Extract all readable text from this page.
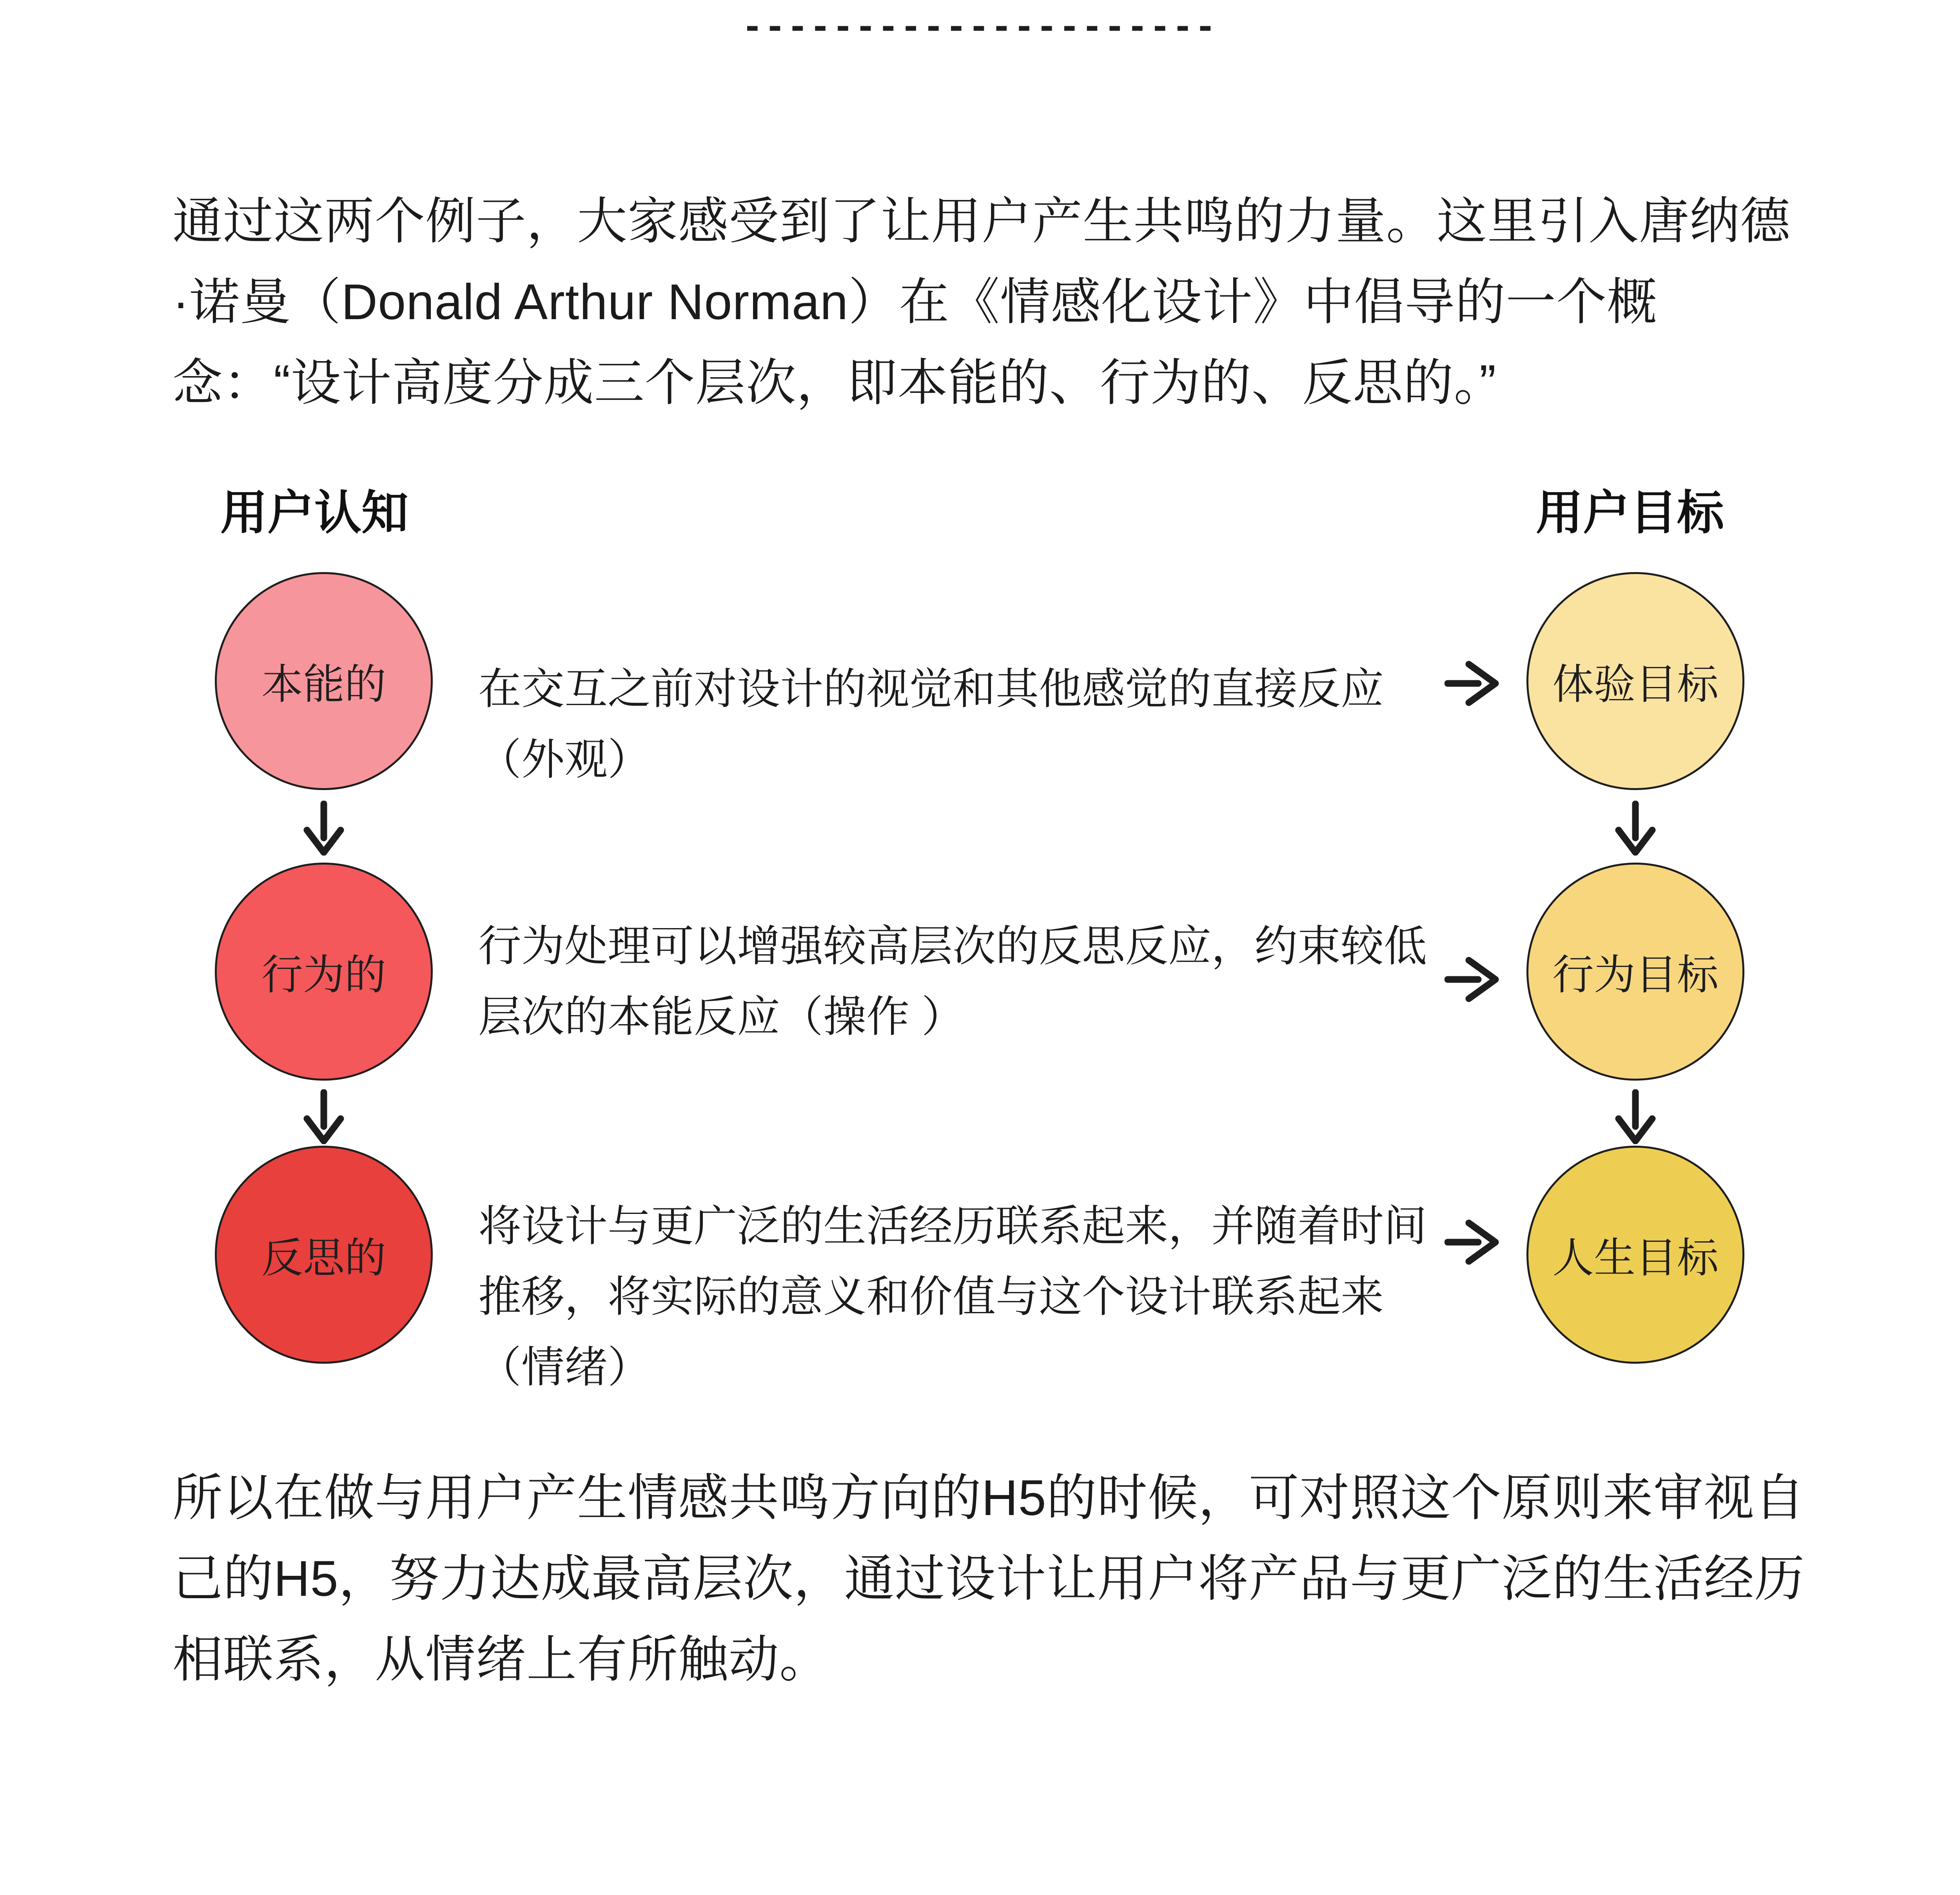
---------------------
通过这两个例子，大家感受到了让用户产生共鸣的力量。这里引入唐纳德
·诺曼（Donald Arthur Norman）在《情感化设计》中倡导的一个概
念：“设计高度分成三个层次，即本能的、行为的、反思的。”
用户认知	用户目标
本能的 在交互之前对设计的视觉和其他感觉的直接反应
（外观）
体验目标
行为的
行为处理可以增强较高层次的反思反应，约束较低
层次的本能反应（操作 ）
行为目标
反思的
将设计与更广泛的生活经历联系起来，并随着时间
推移，将实际的意义和价值与这个设计联系起来
（情绪）
人生目标
所以在做与用户产生情感共鸣方向的H5的时候，可对照这个原则来审视自
己的H5，努力达成最高层次，通过设计让用户将产品与更广泛的生活经历
相联系，从情绪上有所触动。
